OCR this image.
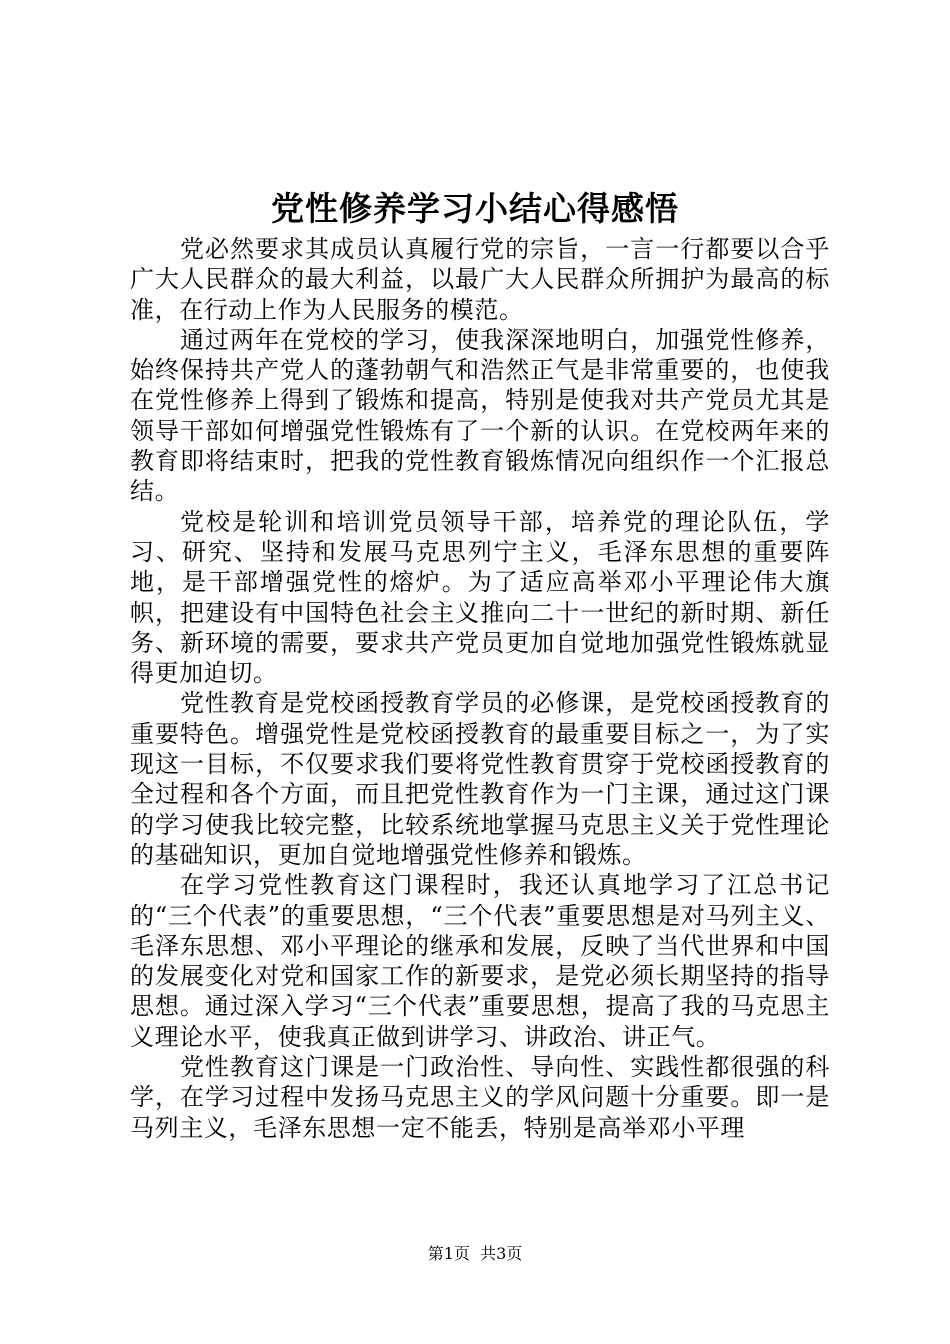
党性修养学习小结心得感悟

党必然要求其成员认真履行党的宗旨，一言一行都要以合乎广大人民群众的最大利益，以最广大人民群众所拥护为最高的标准，在行动上作为人民服务的模范。

通过两年在党校的学习，使我深深地明白，加强党性修养，始终保持共产党人的蓬勃朝气和浩然正气是非常重要的，也使我在党性修养上得到了锻炼和提高，特别是使我对共产党员尤其是领导干部如何增强党性锻炼有了一个新的认识。在党校两年来的教育即将结束时，把我的党性教育锻炼情况向组织作一个汇报总结。

党校是轮训和培训党员领导干部，培养党的理论队伍，学习、研究、坚持和发展马克思列宁主义，毛泽东思想的重要阵地，是干部增强党性的熔炉。为了适应高举邓小平理论伟大旗帜，把建设有中国特色社会主义推向二十一世纪的新时期、新任务、新环境的需要，要求共产党员更加自觉地加强党性锻炼就显得更加迫切。

党性教育是党校函授教育学员的必修课，是党校函授教育的重要特色。增强党性是党校函授教育的最重要目标之一，为了实现这一目标，不仅要求我们要将党性教育贯穿于党校函授教育的全过程和各个方面，而且把党性教育作为一门主课，通过这门课的学习使我比较完整，比较系统地掌握马克思主义关于党性理论的基础知识，更加自觉地增强党性修养和锻炼。

在学习党性教育这门课程时，我还认真地学习了江总书记的“三个代表”的重要思想，“三个代表”重要思想是对马列主义、毛泽东思想、邓小平理论的继承和发展，反映了当代世界和中国的发展变化对党和国家工作的新要求，是党必须长期坚持的指导思想。通过深入学习“三个代表”重要思想，提高了我的马克思主义理论水平，使我真正做到讲学习、讲政治、讲正气。

党性教育这门课是一门政治性、导向性、实践性都很强的科学，在学习过程中发扬马克思主义的学风问题十分重要。即一是马列主义，毛泽东思想一定不能丢，特别是高举邓小平理

第1页 共3页
